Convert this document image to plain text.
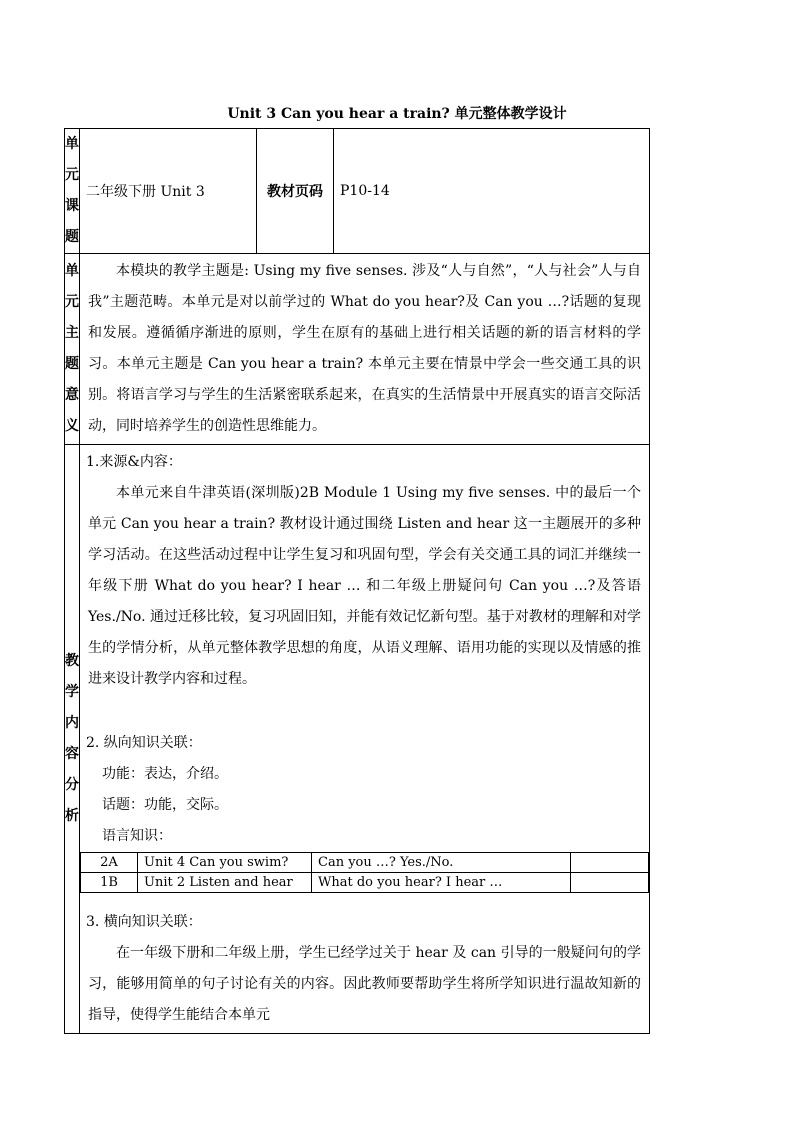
Unit 3 Can you hear a train? 单元整体教学设计
单元课题	二年级下册 Unit 3	教材页码	P10-14

单元主题
意义

本模块的教学主题是: Using my five senses. 涉及“人与自然”，“人与社会”人与自我”主题范畴。本单元是对以前学过的 What do you hear?及 Can you …?话题的复现和发展。遵循循序渐进的原则，学生在原有的基础上进行相关话题的新的语言材料的学习。本单元主题是 Can you hear a train? 本单元主要在情景中学会一些交通工具的识别。将语言学习与学生的生活紧密联系起来，在真实的生活情景中开展真实的语言交际活动，同时培养学生的创造性思维能力。

教学内容
分析

1.来源&内容：
本单元来自牛津英语(深圳版)2B Module 1 Using my five senses. 中的最后一个单元 Can you hear a train? 教材设计通过围绕 Listen and hear 这一主题展开的多种学习活动。在这些活动过程中让学生复习和巩固句型，学会有关交通工具的词汇并继续一年级下册 What do you hear? I hear … 和二年级上册疑问句 Can you …?及答语 Yes./No. 通过迁移比较，复习巩固旧知，并能有效记忆新句型。基于对教材的理解和对学生的学情分析，从单元整体教学思想的角度，从语义理解、语用功能的实现以及情感的推进来设计教学内容和过程。
2. 纵向知识关联：
功能：表达，介绍。
话题：功能，交际。
语言知识：
2A	Unit 4 Can you swim?	Can you …? Yes./No.	
1B	Unit 2 Listen and hear	What do you hear? I hear …	
3. 横向知识关联：
在一年级下册和二年级上册，学生已经学过关于 hear 及 can 引导的一般疑问句的学习，能够用简单的句子讨论有关的内容。因此教师要帮助学生将所学知识进行温故知新的指导，使得学生能结合本单元
